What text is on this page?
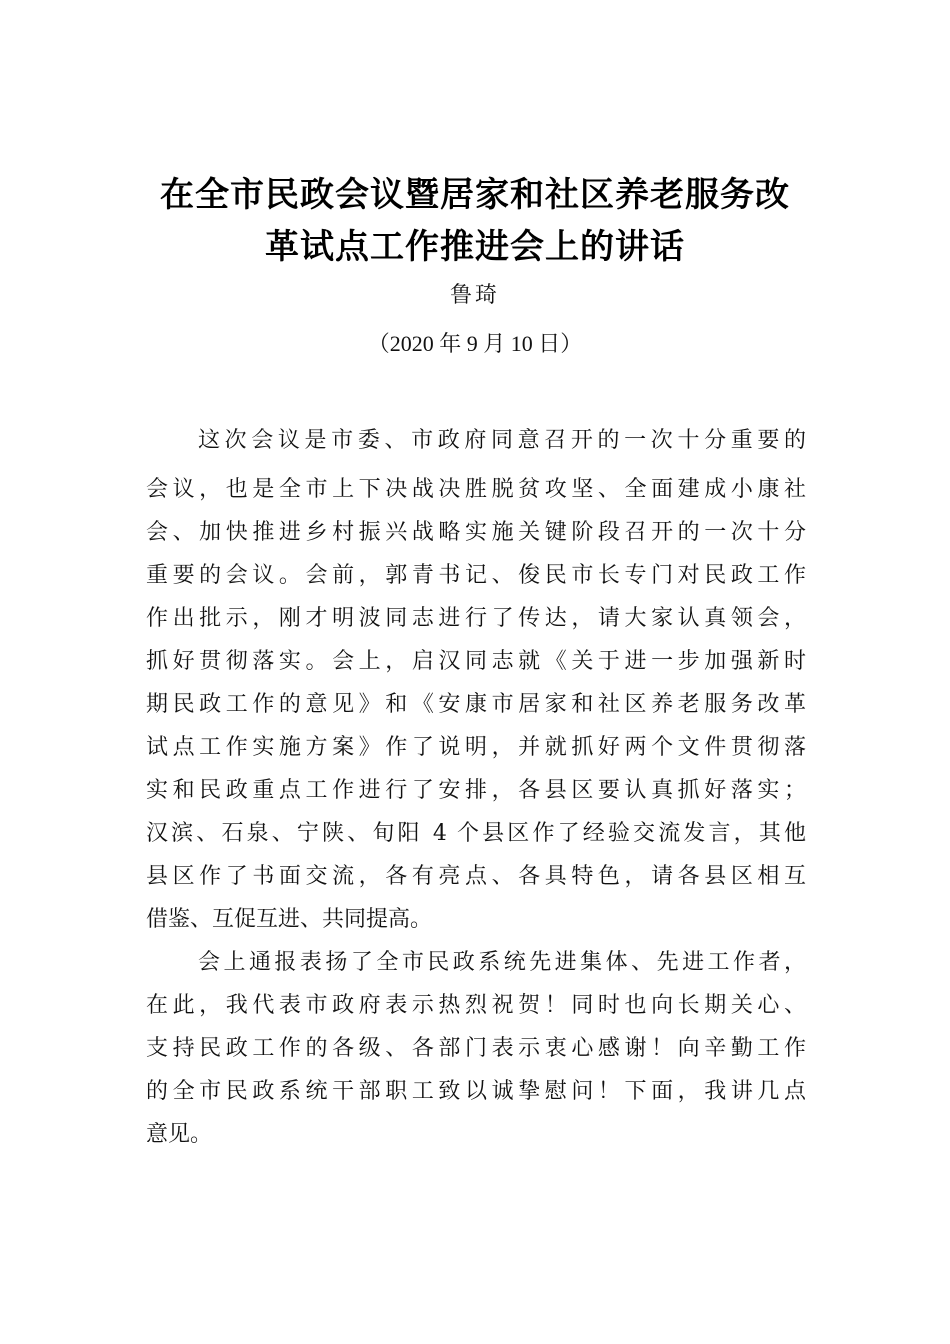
在全市民政会议暨居家和社区养老服务改
革试点工作推进会上的讲话
鲁琦
（2020 年 9 月 10 日）
这次会议是市委、市政府同意召开的一次十分重要的
会议，也是全市上下决战决胜脱贫攻坚、全面建成小康社
会、加快推进乡村振兴战略实施关键阶段召开的一次十分
重要的会议。会前，郭青书记、俊民市长专门对民政工作
作出批示，刚才明波同志进行了传达，请大家认真领会，
抓好贯彻落实。会上，启汉同志就《关于进一步加强新时
期民政工作的意见》和《安康市居家和社区养老服务改革
试点工作实施方案》作了说明，并就抓好两个文件贯彻落
实和民政重点工作进行了安排，各县区要认真抓好落实；
汉滨、石泉、宁陕、旬阳 4 个县区作了经验交流发言，其他
县区作了书面交流，各有亮点、各具特色，请各县区相互
借鉴、互促互进、共同提高。
会上通报表扬了全市民政系统先进集体、先进工作者，
在此，我代表市政府表示热烈祝贺！同时也向长期关心、
支持民政工作的各级、各部门表示衷心感谢！向辛勤工作
的全市民政系统干部职工致以诚挚慰问！下面，我讲几点
意见。
